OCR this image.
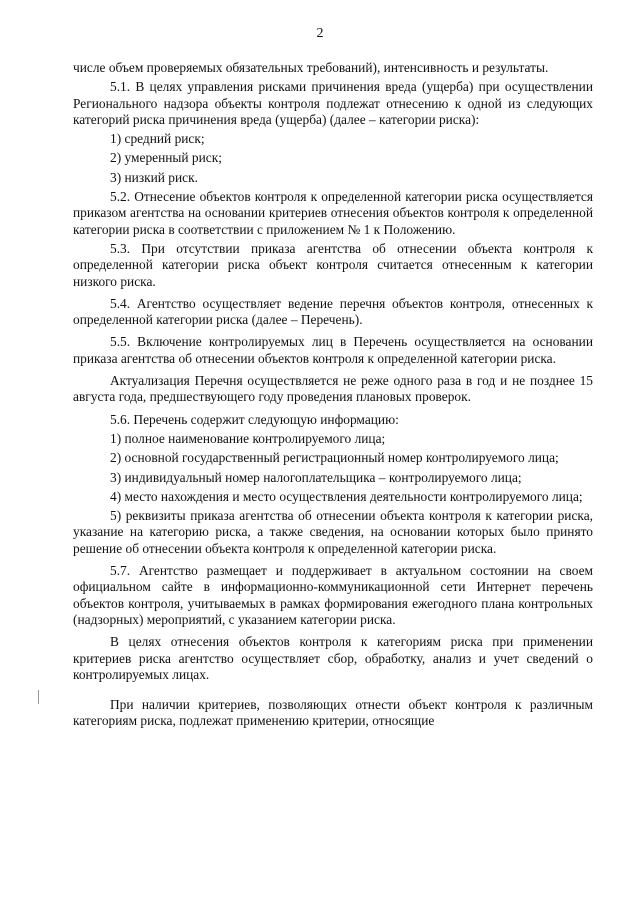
2

числе объем проверяемых обязательных требований), интенсивность и результаты.

5.1. В целях управления рисками причинения вреда (ущерба) при осуществлении Регионального надзора объекты контроля подлежат отнесению к одной из следующих категорий риска причинения вреда (ущерба) (далее – категории риска):

1) средний риск;

2) умеренный риск;

3) низкий риск.

5.2. Отнесение объектов контроля к определенной категории риска осуществляется приказом агентства на основании критериев отнесения объектов контроля к определенной категории риска в соответствии с приложением № 1 к Положению.

5.3. При отсутствии приказа агентства об отнесении объекта контроля к определенной категории риска объект контроля считается отнесенным к категории низкого риска.

5.4. Агентство осуществляет ведение перечня объектов контроля, отнесенных к определенной категории риска (далее – Перечень).

5.5. Включение контролируемых лиц в Перечень осуществляется на основании приказа агентства об отнесении объектов контроля к определенной категории риска.

Актуализация Перечня осуществляется не реже одного раза в год и не позднее 15 августа года, предшествующего году проведения плановых проверок.

5.6. Перечень содержит следующую информацию:

1) полное наименование контролируемого лица;

2) основной государственный регистрационный номер контролируемого лица;

3) индивидуальный номер налогоплательщика – контролируемого лица;

4) место нахождения и место осуществления деятельности контролируемого лица;

5) реквизиты приказа агентства об отнесении объекта контроля к категории риска, указание на категорию риска, а также сведения, на основании которых было принято решение об отнесении объекта контроля к определенной категории риска.

5.7. Агентство размещает и поддерживает в актуальном состоянии на своем официальном сайте в информационно-коммуникационной сети Интернет перечень объектов контроля, учитываемых в рамках формирования ежегодного плана контрольных (надзорных) мероприятий, с указанием категории риска.

В целях отнесения объектов контроля к категориям риска при применении критериев риска агентство осуществляет сбор, обработку, анализ и учет сведений о контролируемых лицах.

При наличии критериев, позволяющих отнести объект контроля к различным категориям риска, подлежат применению критерии, относящие
